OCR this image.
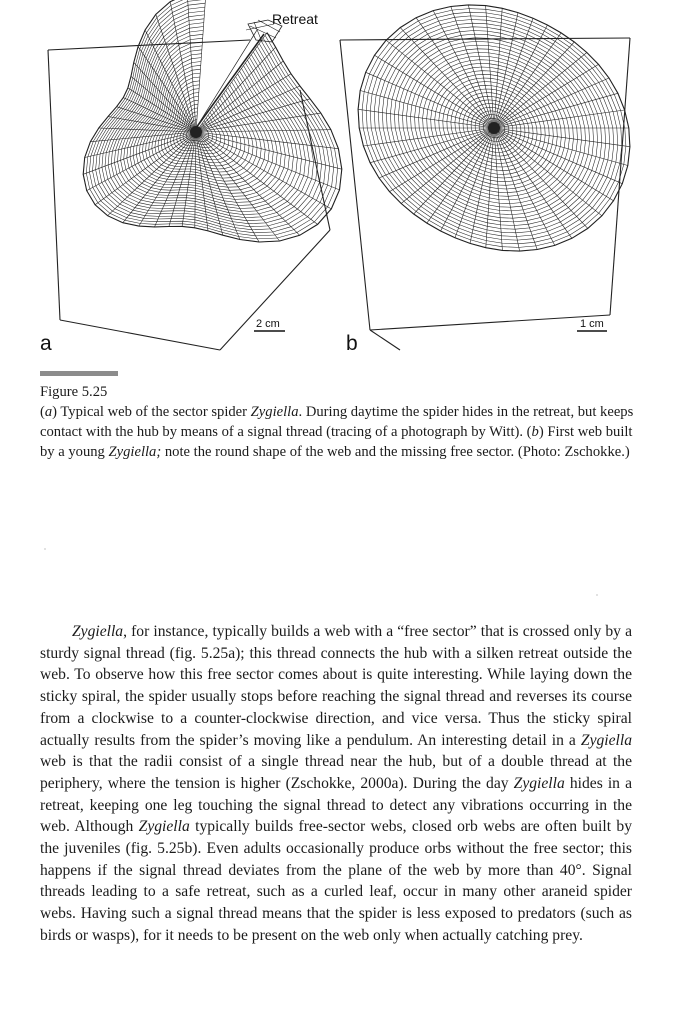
Retreat
a	b
2 cm	1 cm
Figure 5.25
(a) Typical web of the sector spider Zygiella. During daytime the spider hides in the retreat, but keeps contact with the hub by means of a signal thread (tracing of a photograph by Witt). (b) First web built by a young Zygiella; note the round shape of the web and the missing free sector. (Photo: Zschokke.)

Zygiella, for instance, typically builds a web with a “free sector” that is crossed only by a sturdy signal thread (fig. 5.25a); this thread connects the hub with a silken retreat outside the web. To observe how this free sector comes about is quite interesting. While laying down the sticky spiral, the spider usually stops before reaching the signal thread and reverses its course from a clockwise to a counter-clockwise direction, and vice versa. Thus the sticky spiral actually results from the spider’s moving like a pendulum. An interesting detail in a Zygiella web is that the radii consist of a single thread near the hub, but of a double thread at the periphery, where the tension is higher (Zschokke, 2000a). During the day Zygiella hides in a retreat, keeping one leg touching the signal thread to detect any vibrations occurring in the web. Although Zygiella typically builds free-sector webs, closed orb webs are often built by the juveniles (fig. 5.25b). Even adults occasionally produce orbs without the free sector; this happens if the signal thread deviates from the plane of the web by more than 40°. Signal threads leading to a safe retreat, such as a curled leaf, occur in many other araneid spider webs. Having such a signal thread means that the spider is less exposed to predators (such as birds or wasps), for it needs to be present on the web only when actually catching prey.
